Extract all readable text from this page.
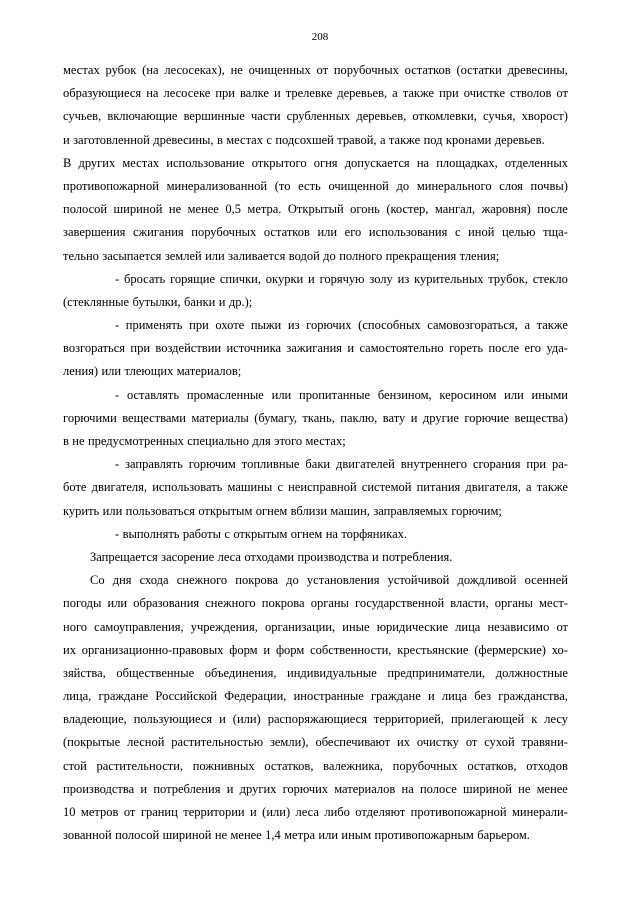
208
местах рубок (на лесосеках), не очищенных от порубочных остатков (остатки древесины,
образующиеся на лесосеке при валке и трелевке деревьев, а также при очистке стволов от
сучьев, включающие вершинные части срубленных деревьев, откомлевки, сучья, хворост)
и заготовленной древесины, в местах с подсохшей травой, а также под кронами деревьев.
В других местах использование открытого огня допускается на площадках, отделенных
противопожарной минерализованной (то есть очищенной до минерального слоя почвы)
полосой шириной не менее 0,5 метра. Открытый огонь (костер, мангал, жаровня) после
завершения сжигания порубочных остатков или его использования с иной целью тща-
тельно засыпается землей или заливается водой до полного прекращения тления;
- бросать горящие спички, окурки и горячую золу из курительных трубок, стекло
(стеклянные бутылки, банки и др.);
- применять при охоте пыжи из горючих (способных самовозгораться, а также
возгораться при воздействии источника зажигания и самостоятельно гореть после его уда-
ления) или тлеющих материалов;
- оставлять промасленные или пропитанные бензином, керосином или иными
горючими веществами материалы (бумагу, ткань, паклю, вату и другие горючие вещества)
в не предусмотренных специально для этого местах;
- заправлять горючим топливные баки двигателей внутреннего сгорания при ра-
боте двигателя, использовать машины с неисправной системой питания двигателя, а также
курить или пользоваться открытым огнем вблизи машин, заправляемых горючим;
- выполнять работы с открытым огнем на торфяниках.
Запрещается засорение леса отходами производства и потребления.
Со дня схода снежного покрова до установления устойчивой дождливой осенней
погоды или образования снежного покрова органы государственной власти, органы мест-
ного самоуправления, учреждения, организации, иные юридические лица независимо от
их организационно-правовых форм и форм собственности, крестьянские (фермерские) хо-
зяйства, общественные объединения, индивидуальные предприниматели, должностные
лица, граждане Российской Федерации, иностранные граждане и лица без гражданства,
владеющие, пользующиеся и (или) распоряжающиеся территорией, прилегающей к лесу
(покрытые лесной растительностью земли), обеспечивают их очистку от сухой травяни-
стой растительности, пожнивных остатков, валежника, порубочных остатков, отходов
производства и потребления и других горючих материалов на полосе шириной не менее
10 метров от границ территории и (или) леса либо отделяют противопожарной минерали-
зованной полосой шириной не менее 1,4 метра или иным противопожарным барьером.
